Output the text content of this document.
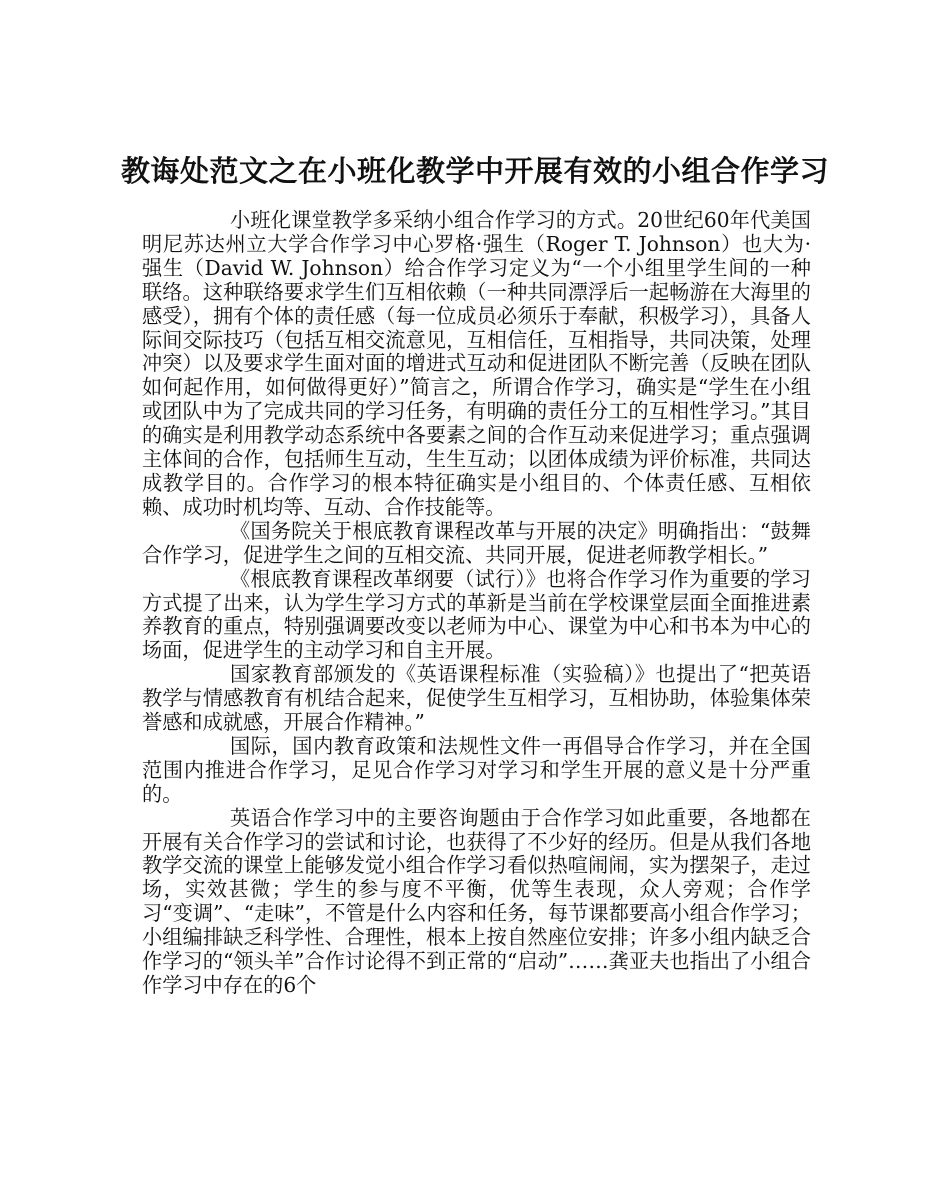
教诲处范文之在小班化教学中开展有效的小组合作学习

小班化课堂教学多采纳小组合作学习的方式。20世纪60年代美国明尼苏达州立大学合作学习中心罗格·强生（Roger T. Johnson）也大为·强生（David W. Johnson）给合作学习定义为“一个小组里学生间的一种联络。这种联络要求学生们互相依赖（一种共同漂浮后一起畅游在大海里的感受），拥有个体的责任感（每一位成员必须乐于奉献，积极学习），具备人际间交际技巧（包括互相交流意见，互相信任，互相指导，共同决策，处理冲突）以及要求学生面对面的增进式互动和促进团队不断完善（反映在团队如何起作用，如何做得更好）”简言之，所谓合作学习，确实是“学生在小组或团队中为了完成共同的学习任务，有明确的责任分工的互相性学习。”其目的确实是利用教学动态系统中各要素之间的合作互动来促进学习；重点强调主体间的合作，包括师生互动，生生互动；以团体成绩为评价标准，共同达成教学目的。合作学习的根本特征确实是小组目的、个体责任感、互相依赖、成功时机均等、互动、合作技能等。

《国务院关于根底教育课程改革与开展的决定》明确指出：“鼓舞合作学习，促进学生之间的互相交流、共同开展，促进老师教学相长。”

《根底教育课程改革纲要（试行）》也将合作学习作为重要的学习方式提了出来，认为学生学习方式的革新是当前在学校课堂层面全面推进素养教育的重点，特别强调要改变以老师为中心、课堂为中心和书本为中心的场面，促进学生的主动学习和自主开展。

国家教育部颁发的《英语课程标准（实验稿）》也提出了“把英语教学与情感教育有机结合起来，促使学生互相学习，互相协助，体验集体荣誉感和成就感，开展合作精神。”

国际，国内教育政策和法规性文件一再倡导合作学习，并在全国范围内推进合作学习，足见合作学习对学习和学生开展的意义是十分严重的。

英语合作学习中的主要咨询题由于合作学习如此重要，各地都在开展有关合作学习的尝试和讨论，也获得了不少好的经历。但是从我们各地教学交流的课堂上能够发觉小组合作学习看似热喧闹闹，实为摆架子，走过场，实效甚微；学生的参与度不平衡，优等生表现，众人旁观；合作学习“变调”、“走味”，不管是什么内容和任务，每节课都要高小组合作学习；小组编排缺乏科学性、合理性，根本上按自然座位安排；许多小组内缺乏合作学习的“领头羊”合作讨论得不到正常的“启动”……龚亚夫也指出了小组合作学习中存在的6个
